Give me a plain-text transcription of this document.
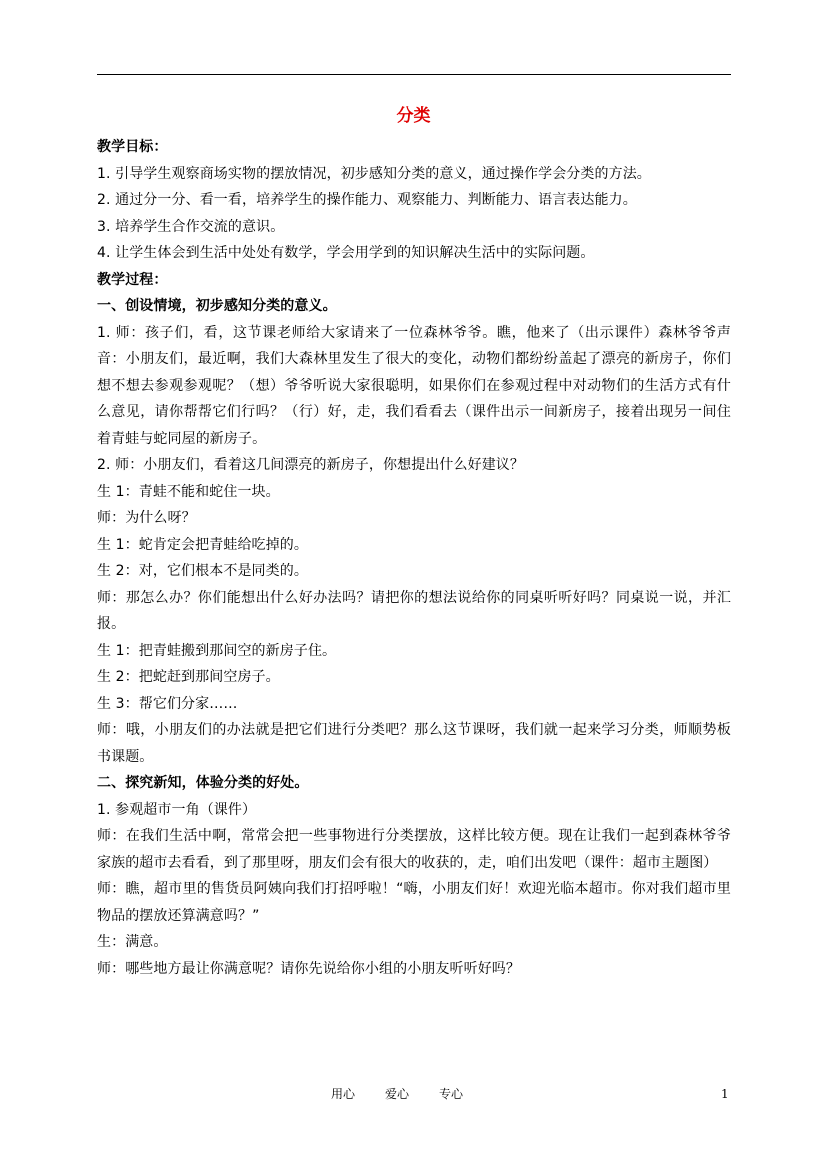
分类

教学目标：

1. 引导学生观察商场实物的摆放情况，初步感知分类的意义，通过操作学会分类的方法。

2. 通过分一分、看一看，培养学生的操作能力、观察能力、判断能力、语言表达能力。

3. 培养学生合作交流的意识。

4. 让学生体会到生活中处处有数学，学会用学到的知识解决生活中的实际问题。

教学过程：

一、创设情境，初步感知分类的意义。

1. 师：孩子们，看，这节课老师给大家请来了一位森林爷爷。瞧，他来了（出示课件）森林爷爷声音：小朋友们，最近啊，我们大森林里发生了很大的变化，动物们都纷纷盖起了漂亮的新房子，你们想不想去参观参观呢？（想）爷爷听说大家很聪明，如果你们在参观过程中对动物们的生活方式有什么意见，请你帮帮它们行吗？（行）好，走，我们看看去（课件出示一间新房子，接着出现另一间住着青蛙与蛇同屋的新房子。

2. 师：小朋友们，看着这几间漂亮的新房子，你想提出什么好建议？

生 1：青蛙不能和蛇住一块。

师：为什么呀？

生 1：蛇肯定会把青蛙给吃掉的。

生 2：对，它们根本不是同类的。

师：那怎么办？你们能想出什么好办法吗？请把你的想法说给你的同桌听听好吗？同桌说一说，并汇报。

生 1：把青蛙搬到那间空的新房子住。

生 2：把蛇赶到那间空房子。

生 3：帮它们分家……

师：哦，小朋友们的办法就是把它们进行分类吧？那么这节课呀，我们就一起来学习分类，师顺势板书课题。

二、探究新知，体验分类的好处。

1. 参观超市一角（课件）

师：在我们生活中啊，常常会把一些事物进行分类摆放，这样比较方便。现在让我们一起到森林爷爷家族的超市去看看，到了那里呀，朋友们会有很大的收获的，走，咱们出发吧（课件：超市主题图）

师：瞧，超市里的售货员阿姨向我们打招呼啦！“嗨，小朋友们好！欢迎光临本超市。你对我们超市里物品的摆放还算满意吗？”

生：满意。

师：哪些地方最让你满意呢？请你先说给你小组的小朋友听听好吗？

用心	爱心	专心	1
